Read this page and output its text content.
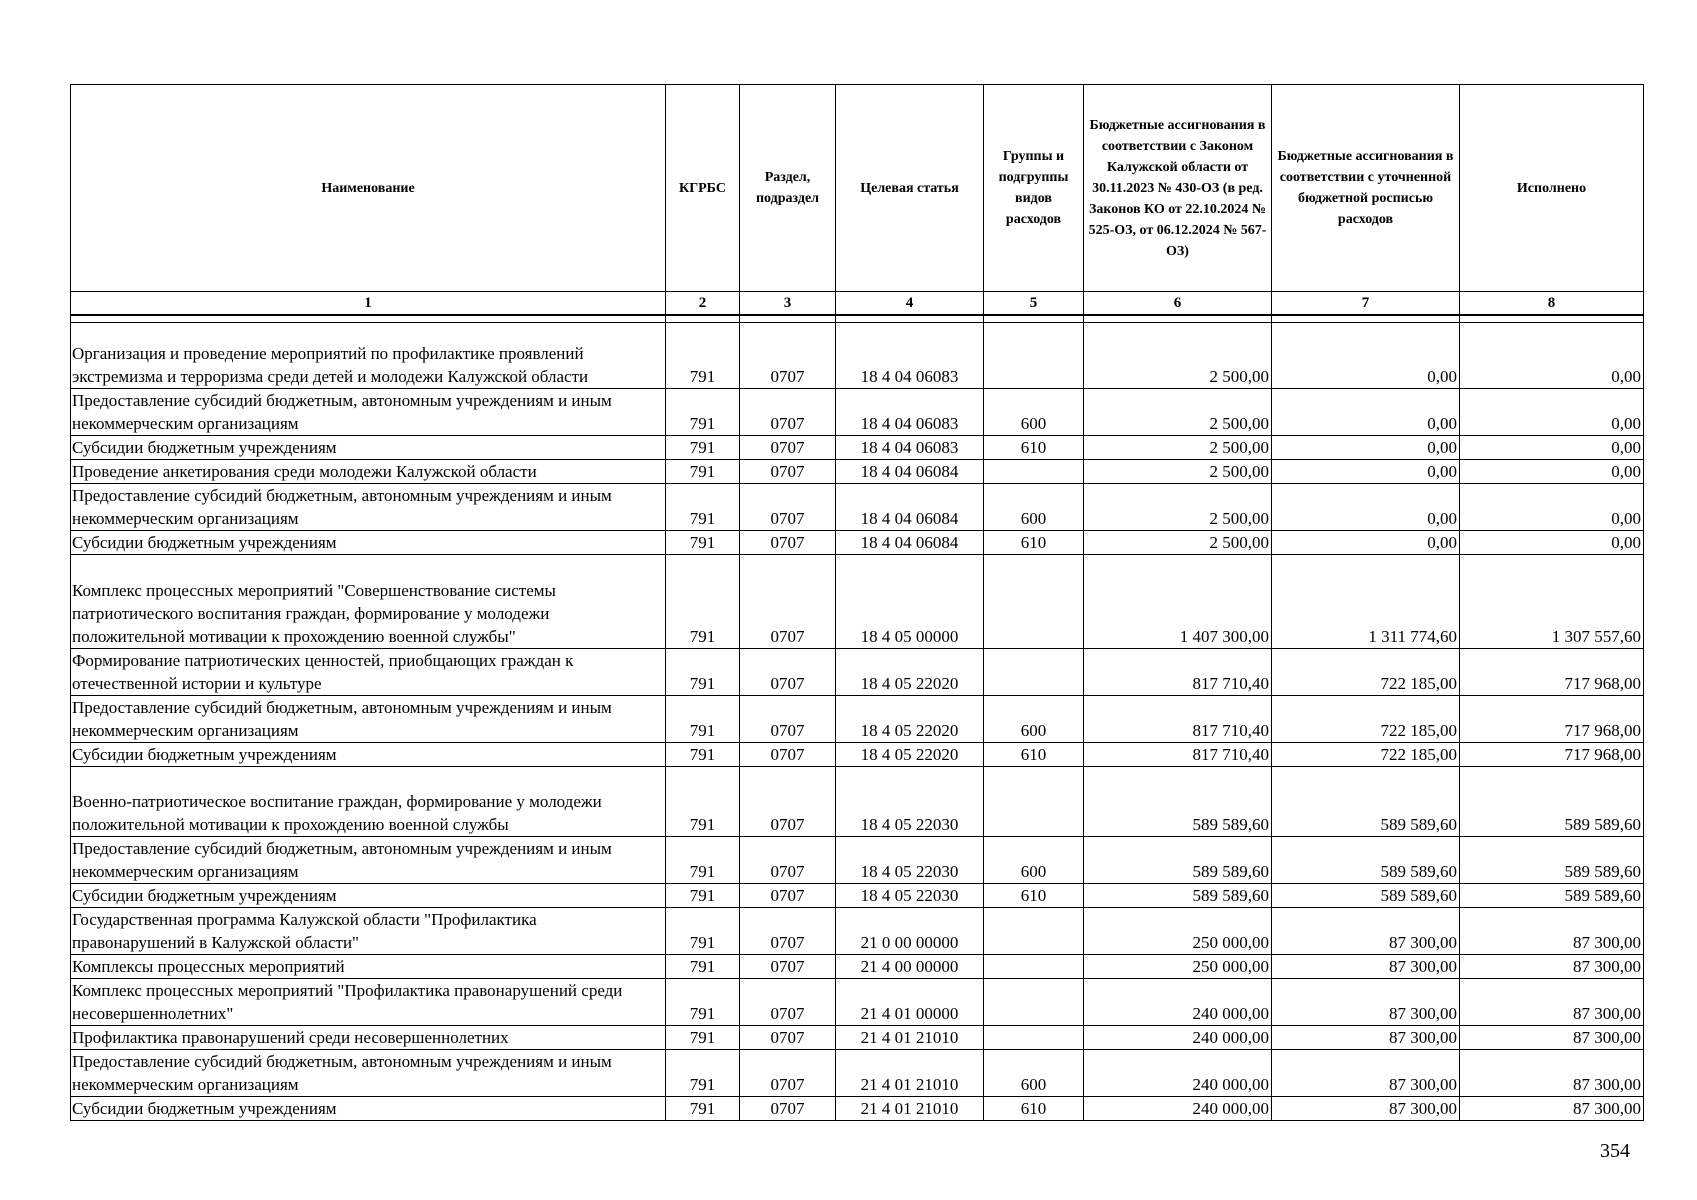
Наименование	КГРБС	Раздел, подраздел	Целевая статья	Группы и подгруппы видов расходов	Бюджетные ассигнования в соответствии с Законом Калужской области от 30.11.2023 № 430-ОЗ (в ред. Законов КО от 22.10.2024 № 525-ОЗ, от 06.12.2024 № 567-ОЗ)	Бюджетные ассигнования в соответствии с уточненной бюджетной росписью расходов	Исполнено
1	2	3	4	5	6	7	8

Организация и проведение мероприятий по профилактике проявлений экстремизма и терроризма среди детей и молодежи Калужской области	791	0707	18 4 04 06083		2 500,00	0,00	0,00
Предоставление субсидий бюджетным, автономным учреждениям и иным некоммерческим организациям	791	0707	18 4 04 06083	600	2 500,00	0,00	0,00
Субсидии бюджетным учреждениям	791	0707	18 4 04 06083	610	2 500,00	0,00	0,00
Проведение анкетирования среди молодежи Калужской области	791	0707	18 4 04 06084		2 500,00	0,00	0,00
Предоставление субсидий бюджетным, автономным учреждениям и иным некоммерческим организациям	791	0707	18 4 04 06084	600	2 500,00	0,00	0,00
Субсидии бюджетным учреждениям	791	0707	18 4 04 06084	610	2 500,00	0,00	0,00
Комплекс процессных мероприятий "Совершенствование системы патриотического воспитания граждан, формирование у молодежи положительной мотивации к прохождению военной службы"	791	0707	18 4 05 00000		1 407 300,00	1 311 774,60	1 307 557,60
Формирование патриотических ценностей, приобщающих граждан к отечественной истории и культуре	791	0707	18 4 05 22020		817 710,40	722 185,00	717 968,00
Предоставление субсидий бюджетным, автономным учреждениям и иным некоммерческим организациям	791	0707	18 4 05 22020	600	817 710,40	722 185,00	717 968,00
Субсидии бюджетным учреждениям	791	0707	18 4 05 22020	610	817 710,40	722 185,00	717 968,00
Военно-патриотическое воспитание граждан, формирование у молодежи положительной мотивации к прохождению военной службы	791	0707	18 4 05 22030		589 589,60	589 589,60	589 589,60
Предоставление субсидий бюджетным, автономным учреждениям и иным некоммерческим организациям	791	0707	18 4 05 22030	600	589 589,60	589 589,60	589 589,60
Субсидии бюджетным учреждениям	791	0707	18 4 05 22030	610	589 589,60	589 589,60	589 589,60
Государственная программа Калужской области "Профилактика правонарушений в Калужской области"	791	0707	21 0 00 00000		250 000,00	87 300,00	87 300,00
Комплексы процессных мероприятий	791	0707	21 4 00 00000		250 000,00	87 300,00	87 300,00
Комплекс процессных мероприятий "Профилактика правонарушений среди несовершеннолетних"	791	0707	21 4 01 00000		240 000,00	87 300,00	87 300,00
Профилактика правонарушений среди несовершеннолетних	791	0707	21 4 01 21010		240 000,00	87 300,00	87 300,00
Предоставление субсидий бюджетным, автономным учреждениям и иным некоммерческим организациям	791	0707	21 4 01 21010	600	240 000,00	87 300,00	87 300,00
Субсидии бюджетным учреждениям	791	0707	21 4 01 21010	610	240 000,00	87 300,00	87 300,00
354
